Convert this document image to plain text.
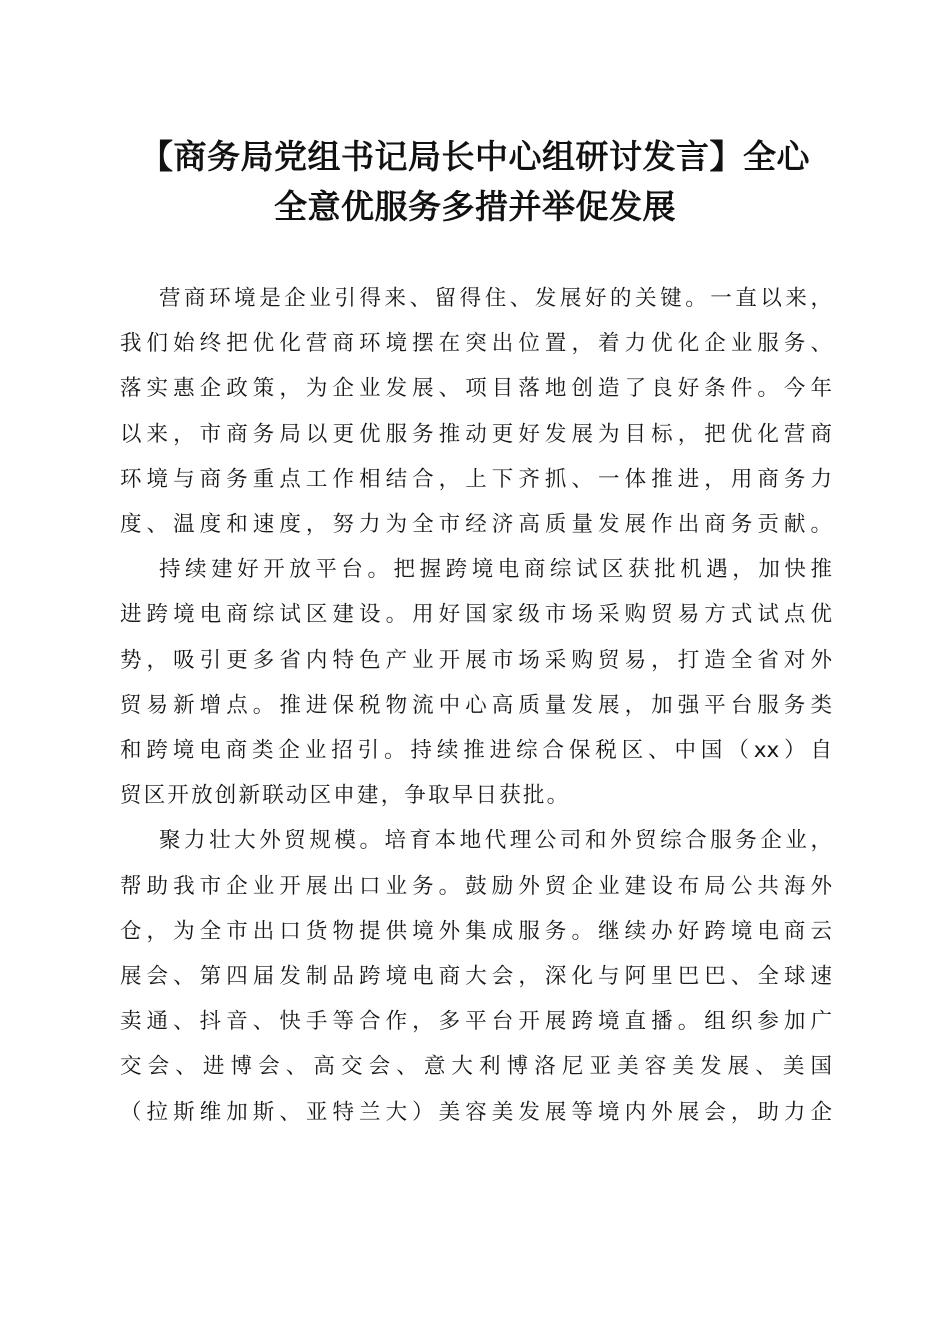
【商务局党组书记局长中心组研讨发言】全心
全意优服务多措并举促发展
营商环境是企业引得来、留得住、发展好的关键。一直以来，
我们始终把优化营商环境摆在突出位置，着力优化企业服务、
落实惠企政策，为企业发展、项目落地创造了良好条件。今年
以来，市商务局以更优服务推动更好发展为目标，把优化营商
环境与商务重点工作相结合，上下齐抓、一体推进，用商务力
度、温度和速度，努力为全市经济高质量发展作出商务贡献。
持续建好开放平台。把握跨境电商综试区获批机遇，加快推
进跨境电商综试区建设。用好国家级市场采购贸易方式试点优
势，吸引更多省内特色产业开展市场采购贸易，打造全省对外
贸易新增点。推进保税物流中心高质量发展，加强平台服务类
和跨境电商类企业招引。持续推进综合保税区、中国（xx）自
贸区开放创新联动区申建，争取早日获批。
聚力壮大外贸规模。培育本地代理公司和外贸综合服务企业，
帮助我市企业开展出口业务。鼓励外贸企业建设布局公共海外
仓，为全市出口货物提供境外集成服务。继续办好跨境电商云
展会、第四届发制品跨境电商大会，深化与阿里巴巴、全球速
卖通、抖音、快手等合作，多平台开展跨境直播。组织参加广
交会、进博会、高交会、意大利博洛尼亚美容美发展、美国
（拉斯维加斯、亚特兰大）美容美发展等境内外展会，助力企
